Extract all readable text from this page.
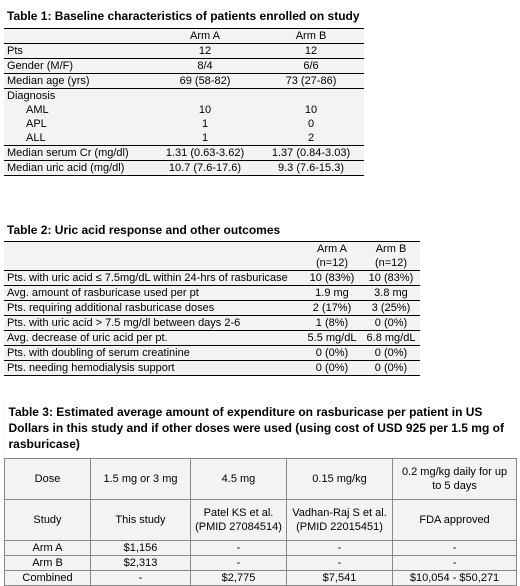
Table 1: Baseline characteristics of patients enrolled on study		
	Arm A	Arm B
Pts	12	12
Gender (M/F)	8/4	6/6
Median age (yrs)	69 (58-82)	73 (27-86)
Diagnosis		
AML	10	10
APL	1	0
ALL	1	2
Median serum Cr (mg/dl)	1.31 (0.63-3.62)	1.37 (0.84-3.03)
Median uric acid (mg/dl)	10.7 (7.6-17.6)	9.3 (7.6-15.3)
Table 2: Uric acid response and other outcomes		
	Arm A	Arm B
	(n=12)	(n=12)
Pts. with uric acid ≤ 7.5mg/dL within 24-hrs of rasburicase	10 (83%)	10 (83%)
Avg. amount of rasburicase used per pt	1.9 mg	3.8 mg
Pts. requiring additional rasburicase doses	2 (17%)	3 (25%)
Pts. with uric acid > 7.5 mg/dl between days 2-6	1 (8%)	0 (0%)
Avg. decrease of uric acid per pt.	5.5 mg/dL	6.8 mg/dL
Pts. with doubling of serum creatinine	0 (0%)	0 (0%)
Pts. needing hemodialysis support	0 (0%)	0 (0%)
Table 3: Estimated average amount of expenditure on rasburicase per patient in US Dollars in this study and if other doses were used (using cost of USD 925 per 1.5 mg of rasburicase)				
Dose	1.5 mg or 3 mg	4.5 mg	0.15 mg/kg	0.2 mg/kg daily for up to 5 days
Study	This study	Patel KS et al. (PMID 27084514)	Vadhan-Raj S et al. (PMID 22015451)	FDA approved
Arm A	$1,156	-	-	-
Arm B	$2,313	-	-	-
Combined	-	$2,775	$7,541	$10,054 - $50,271
